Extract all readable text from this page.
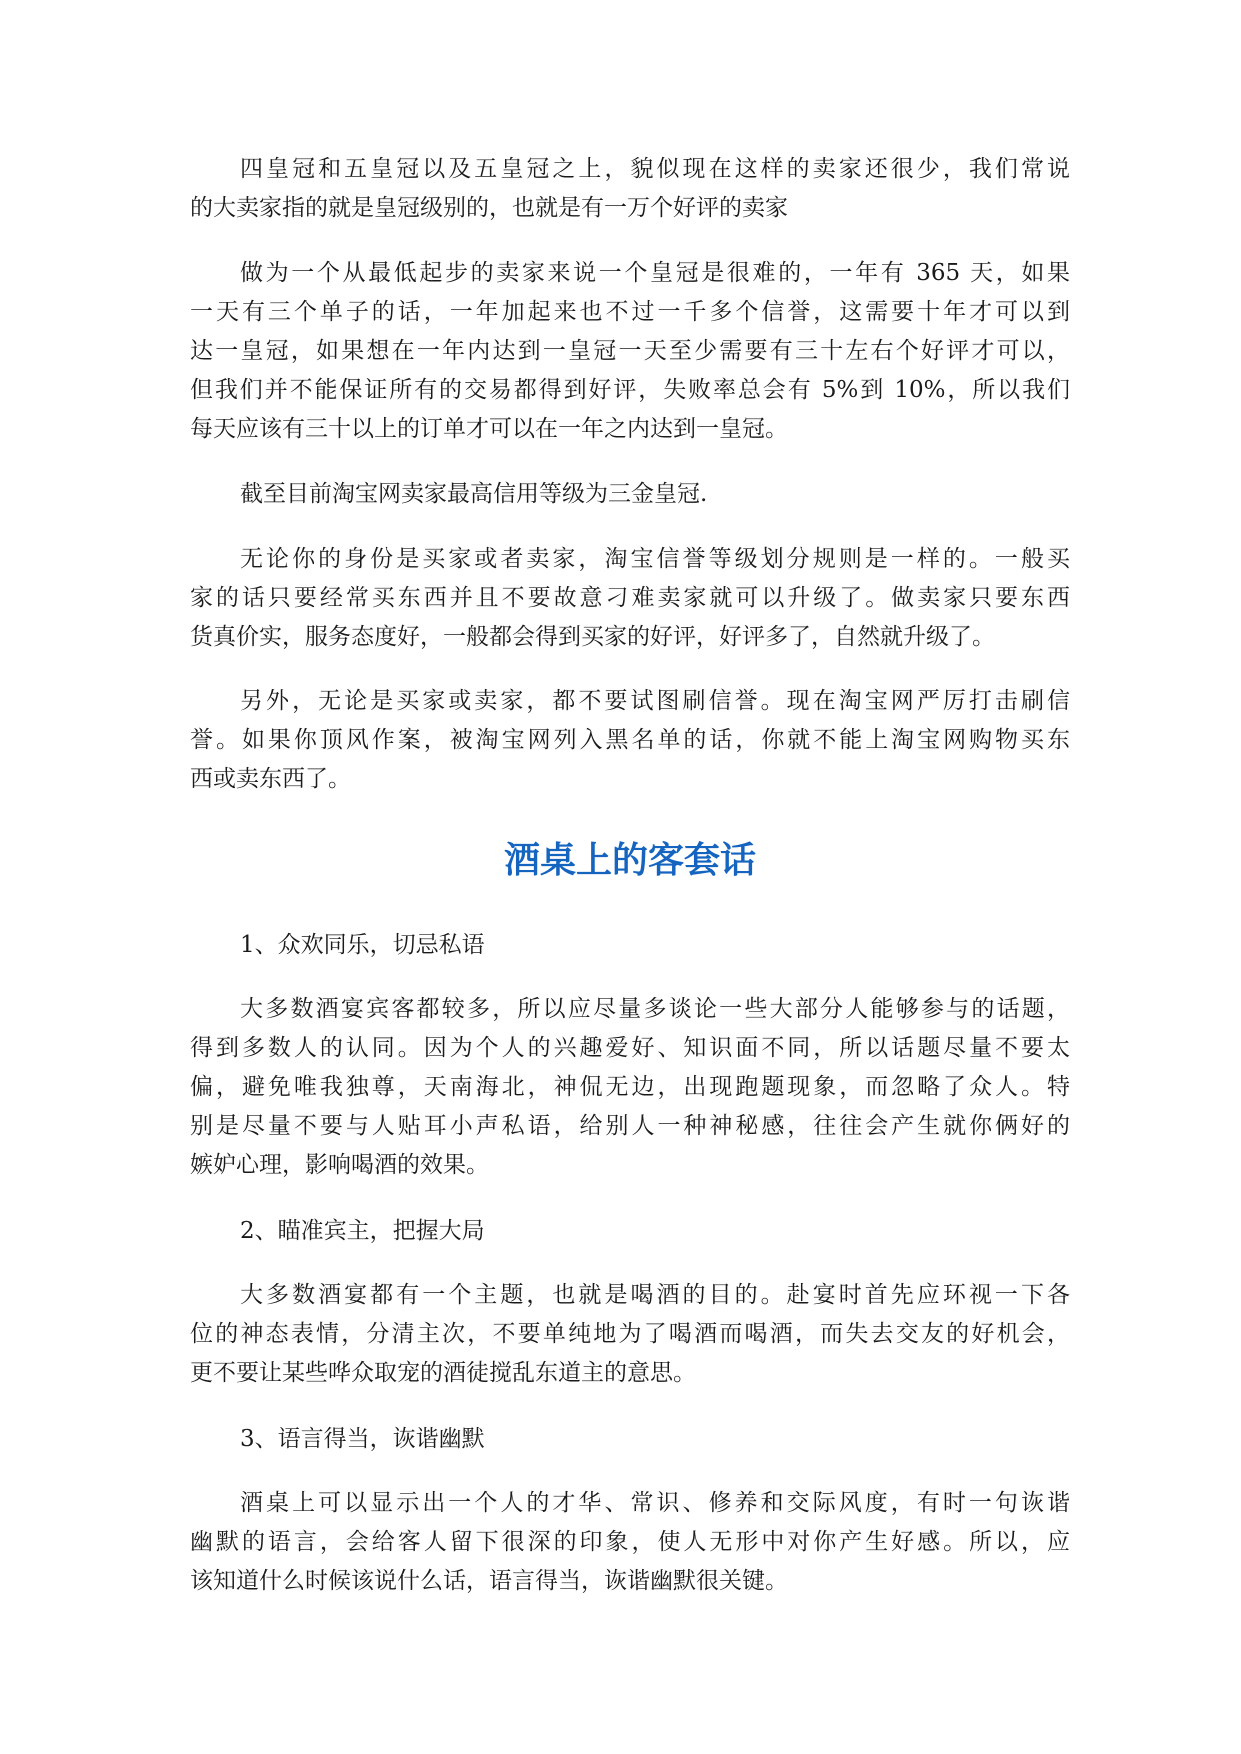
四皇冠和五皇冠以及五皇冠之上，貌似现在这样的卖家还很少，我们常说
的大卖家指的就是皇冠级别的，也就是有一万个好评的卖家

做为一个从最低起步的卖家来说一个皇冠是很难的，一年有 365 天，如果
一天有三个单子的话，一年加起来也不过一千多个信誉，这需要十年才可以到
达一皇冠，如果想在一年内达到一皇冠一天至少需要有三十左右个好评才可以，
但我们并不能保证所有的交易都得到好评，失败率总会有 5%到 10%，所以我们
每天应该有三十以上的订单才可以在一年之内达到一皇冠。

截至目前淘宝网卖家最高信用等级为三金皇冠.

无论你的身份是买家或者卖家，淘宝信誉等级划分规则是一样的。一般买
家的话只要经常买东西并且不要故意刁难卖家就可以升级了。做卖家只要东西
货真价实，服务态度好，一般都会得到买家的好评，好评多了，自然就升级了。

另外，无论是买家或卖家，都不要试图刷信誉。现在淘宝网严厉打击刷信
誉。如果你顶风作案，被淘宝网列入黑名单的话，你就不能上淘宝网购物买东
西或卖东西了。

酒桌上的客套话

1、众欢同乐，切忌私语

大多数酒宴宾客都较多，所以应尽量多谈论一些大部分人能够参与的话题，
得到多数人的认同。因为个人的兴趣爱好、知识面不同，所以话题尽量不要太
偏，避免唯我独尊，天南海北，神侃无边，出现跑题现象，而忽略了众人。特
别是尽量不要与人贴耳小声私语，给别人一种神秘感，往往会产生就你俩好的
嫉妒心理，影响喝酒的效果。

2、瞄准宾主，把握大局

大多数酒宴都有一个主题，也就是喝酒的目的。赴宴时首先应环视一下各
位的神态表情，分清主次，不要单纯地为了喝酒而喝酒，而失去交友的好机会，
更不要让某些哗众取宠的酒徒搅乱东道主的意思。

3、语言得当，诙谐幽默

酒桌上可以显示出一个人的才华、常识、修养和交际风度，有时一句诙谐
幽默的语言，会给客人留下很深的印象，使人无形中对你产生好感。所以，应
该知道什么时候该说什么话，语言得当，诙谐幽默很关键。
